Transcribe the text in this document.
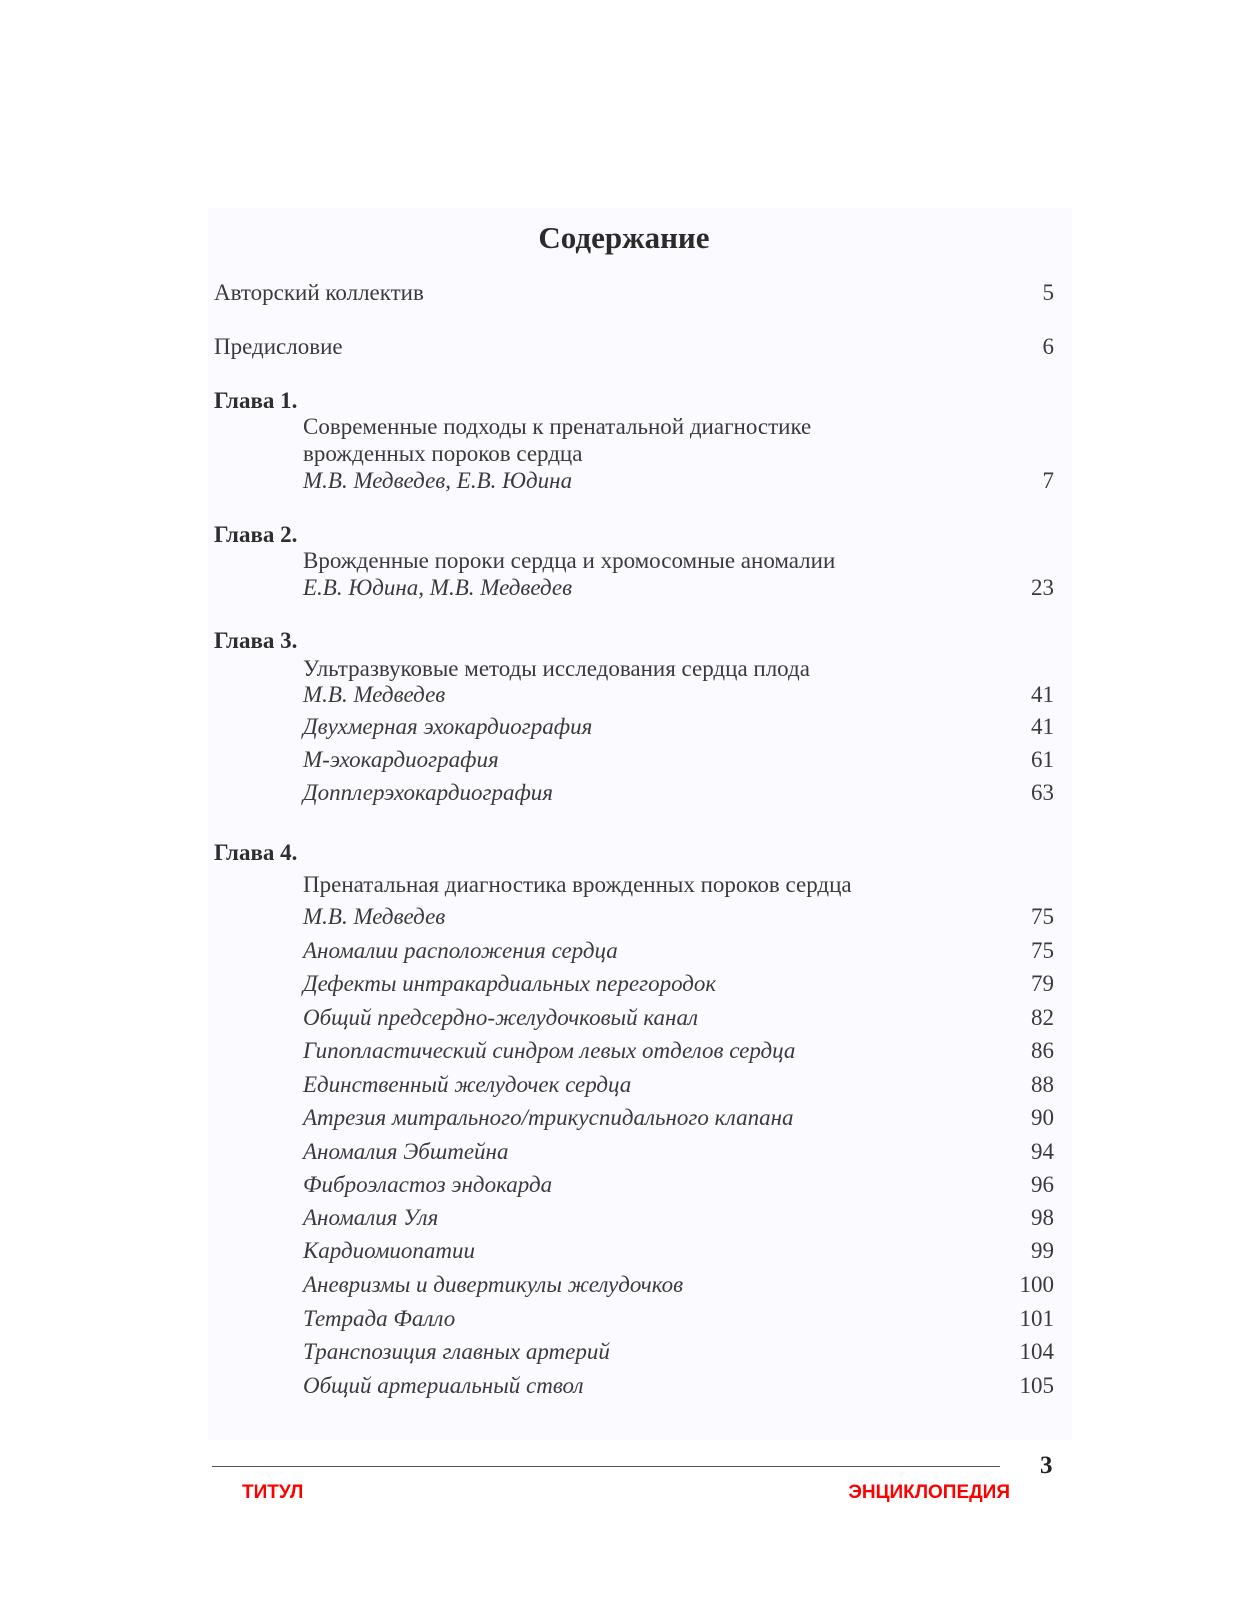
Содержание
Авторский коллектив	5
Предисловие	6
Глава 1.
Современные подходы к пренатальной диагностике
врожденных пороков сердца
М.В. Медведев, Е.В. Юдина	7
Глава 2.
Врожденные пороки сердца и хромосомные аномалии
Е.В. Юдина, М.В. Медведев	23
Глава 3.
Ультразвуковые методы исследования сердца плода
М.В. Медведев	41
Двухмерная эхокардиография	41
М-эхокардиография	61
Допплерэхокардиография	63
Глава 4.
Пренатальная диагностика врожденных пороков сердца
М.В. Медведев	75
Аномалии расположения сердца	75
Дефекты интракардиальных перегородок	79
Общий предсердно-желудочковый канал	82
Гипопластический синдром левых отделов сердца	86
Единственный желудочек сердца	88
Атрезия митрального/трикуспидального клапана	90
Аномалия Эбштейна	94
Фиброэластоз эндокарда	96
Аномалия Уля	98
Кардиомиопатии	99
Аневризмы и дивертикулы желудочков	100
Тетрада Фалло	101
Транспозиция главных артерий	104
Общий артериальный ствол	105
3
ТИТУЛ	ЭНЦИКЛОПЕДИЯ
